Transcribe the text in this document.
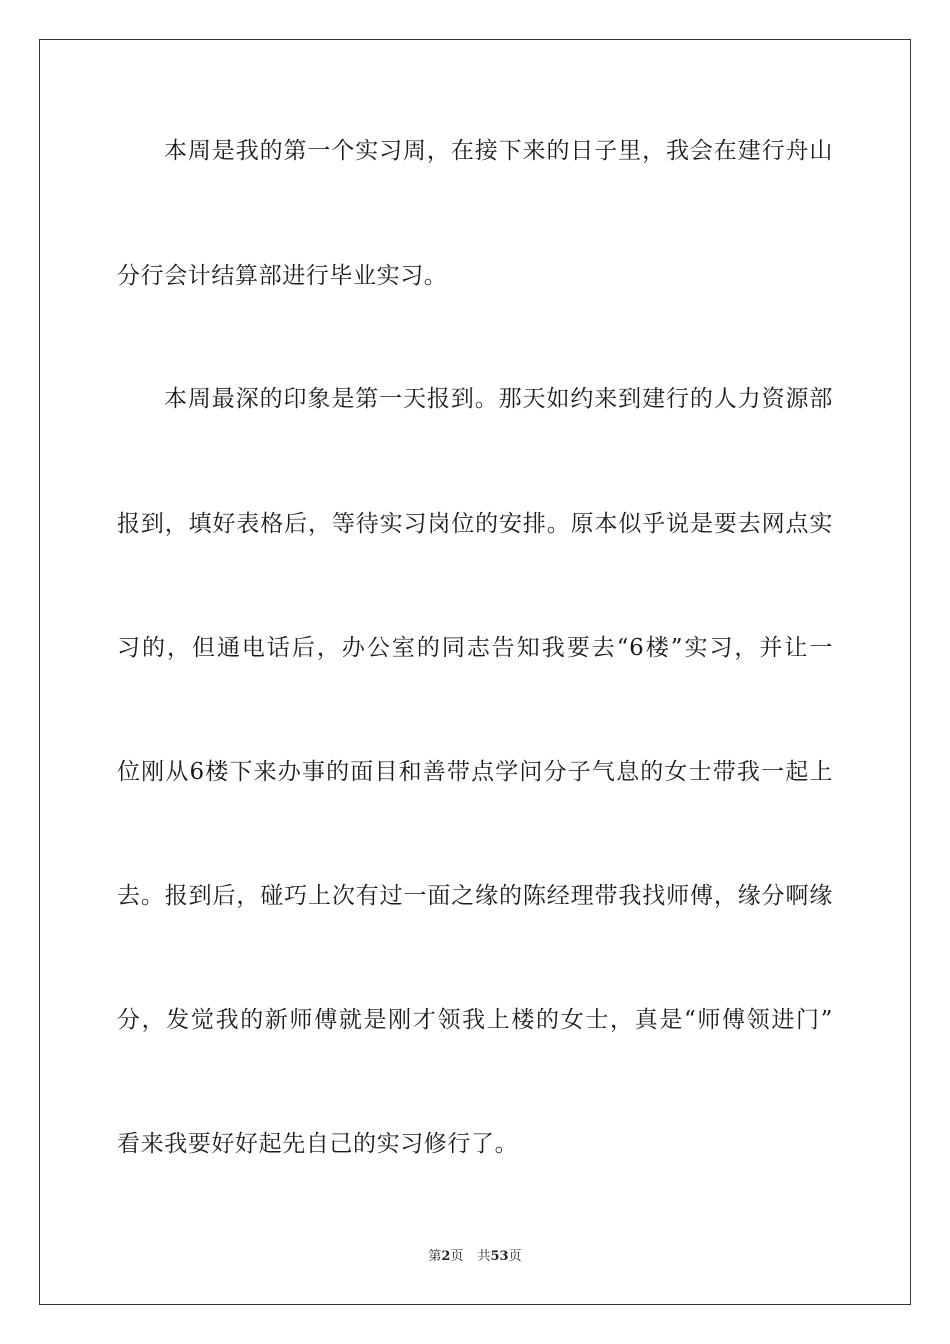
本周是我的第一个实习周，在接下来的日子里，我会在建行舟山
分行会计结算部进行毕业实习。
本周最深的印象是第一天报到。那天如约来到建行的人力资源部
报到，填好表格后，等待实习岗位的安排。原本似乎说是要去网点实
习的，但通电话后，办公室的同志告知我要去“6楼”实习，并让一
位刚从6楼下来办事的面目和善带点学问分子气息的女士带我一起上
去。报到后，碰巧上次有过一面之缘的陈经理带我找师傅，缘分啊缘
分，发觉我的新师傅就是刚才领我上楼的女士，真是“师傅领进门”
看来我要好好起先自己的实习修行了。
第2页 共53页
